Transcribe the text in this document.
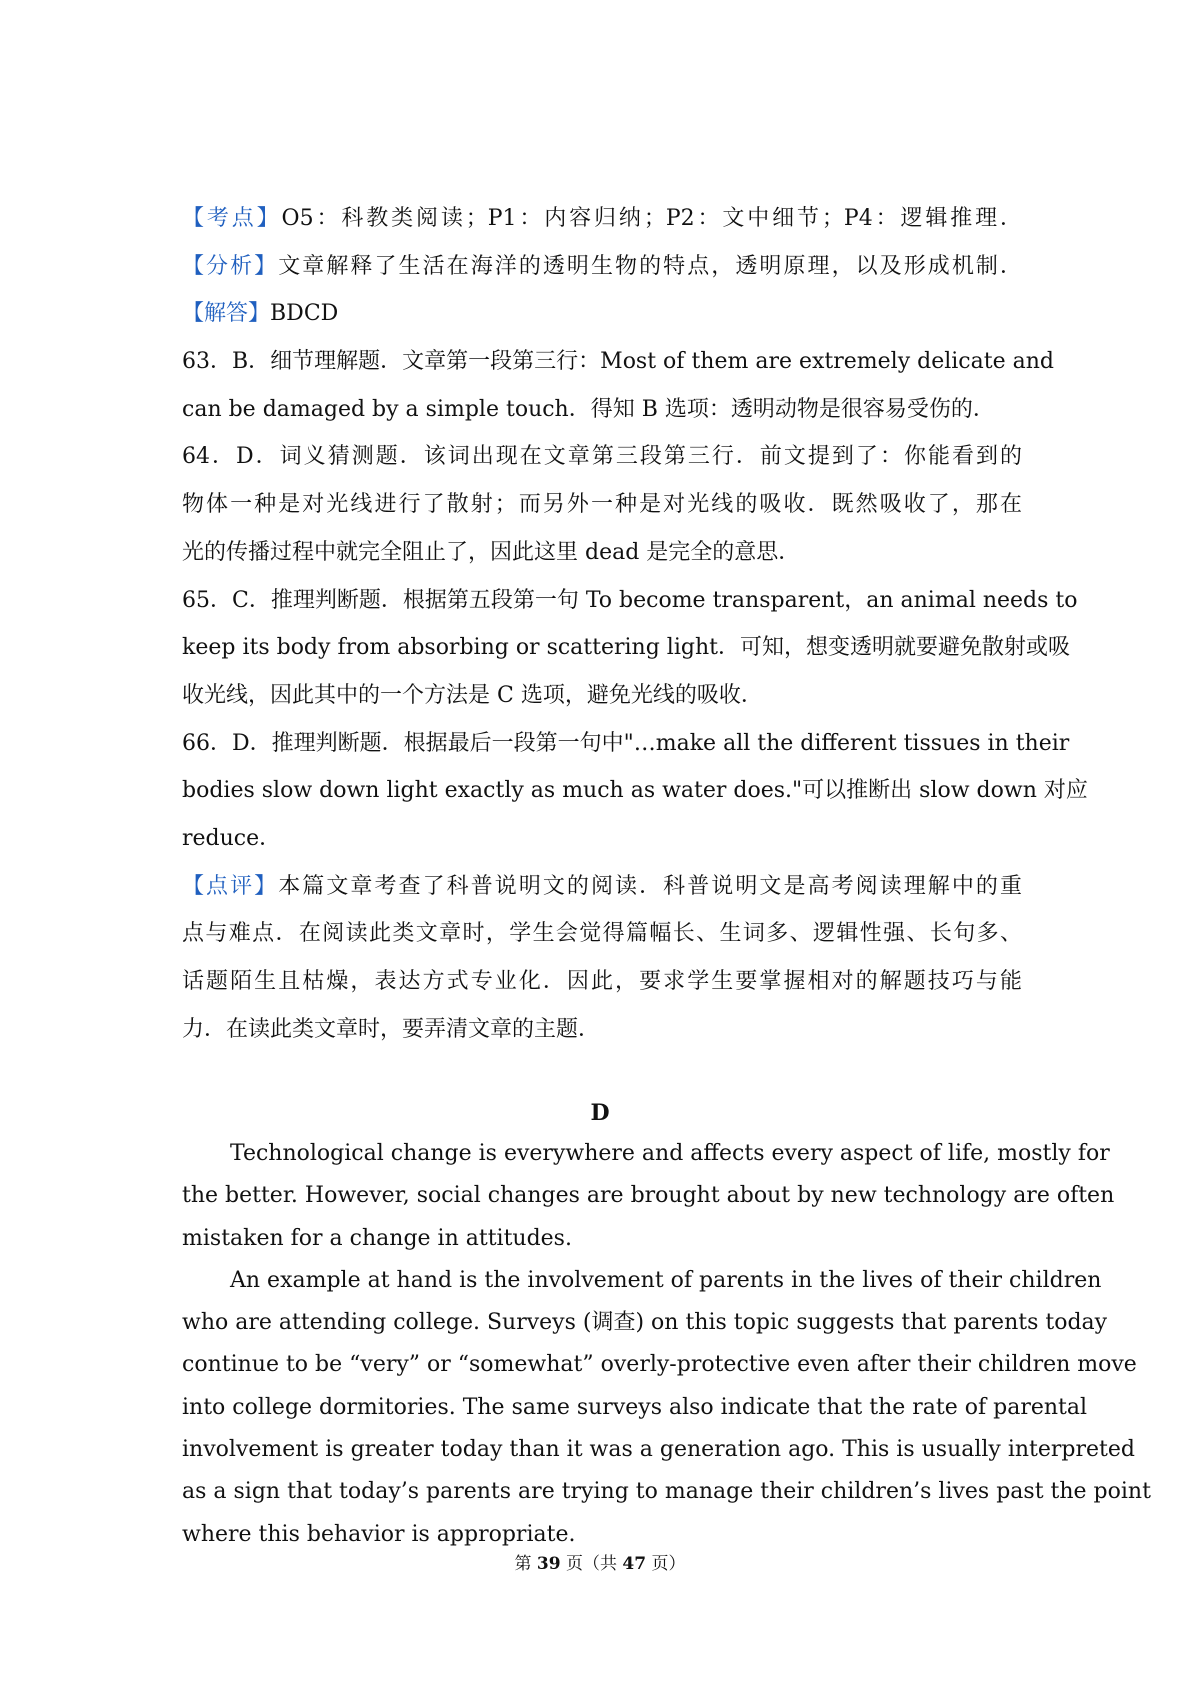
【考点】O5：科教类阅读；P1：内容归纳；P2：文中细节；P4：逻辑推理．
【分析】文章解释了生活在海洋的透明生物的特点，透明原理，以及形成机制．
【解答】BDCD
63．B．细节理解题．文章第一段第三行：Most of them are extremely delicate and
can be damaged by a simple touch．得知 B 选项：透明动物是很容易受伤的．
64．D．词义猜测题．该词出现在文章第三段第三行．前文提到了：你能看到的
物体一种是对光线进行了散射；而另外一种是对光线的吸收．既然吸收了，那在
光的传播过程中就完全阻止了，因此这里 dead 是完全的意思．
65．C．推理判断题．根据第五段第一句 To become transparent，an animal needs to
keep its body from absorbing or scattering light．可知，想变透明就要避免散射或吸
收光线，因此其中的一个方法是 C 选项，避免光线的吸收．
66．D．推理判断题．根据最后一段第一句中"…make all the different tissues in their
bodies slow down light exactly as much as water does."可以推断出 slow down 对应
reduce．
【点评】本篇文章考查了科普说明文的阅读．科普说明文是高考阅读理解中的重
点与难点．在阅读此类文章时，学生会觉得篇幅长、生词多、逻辑性强、长句多、
话题陌生且枯燥，表达方式专业化．因此，要求学生要掌握相对的解题技巧与能
力．在读此类文章时，要弄清文章的主题．
D
Technological change is everywhere and affects every aspect of life, mostly for
the better. However, social changes are brought about by new technology are often
mistaken for a change in attitudes.
An example at hand is the involvement of parents in the lives of their children
who are attending college. Surveys (调查) on this topic suggests that parents today
continue to be “very” or “somewhat” overly-protective even after their children move
into college dormitories. The same surveys also indicate that the rate of parental
involvement is greater today than it was a generation ago. This is usually interpreted
as a sign that today’s parents are trying to manage their children’s lives past the point
where this behavior is appropriate.
第 39 页（共 47 页）
